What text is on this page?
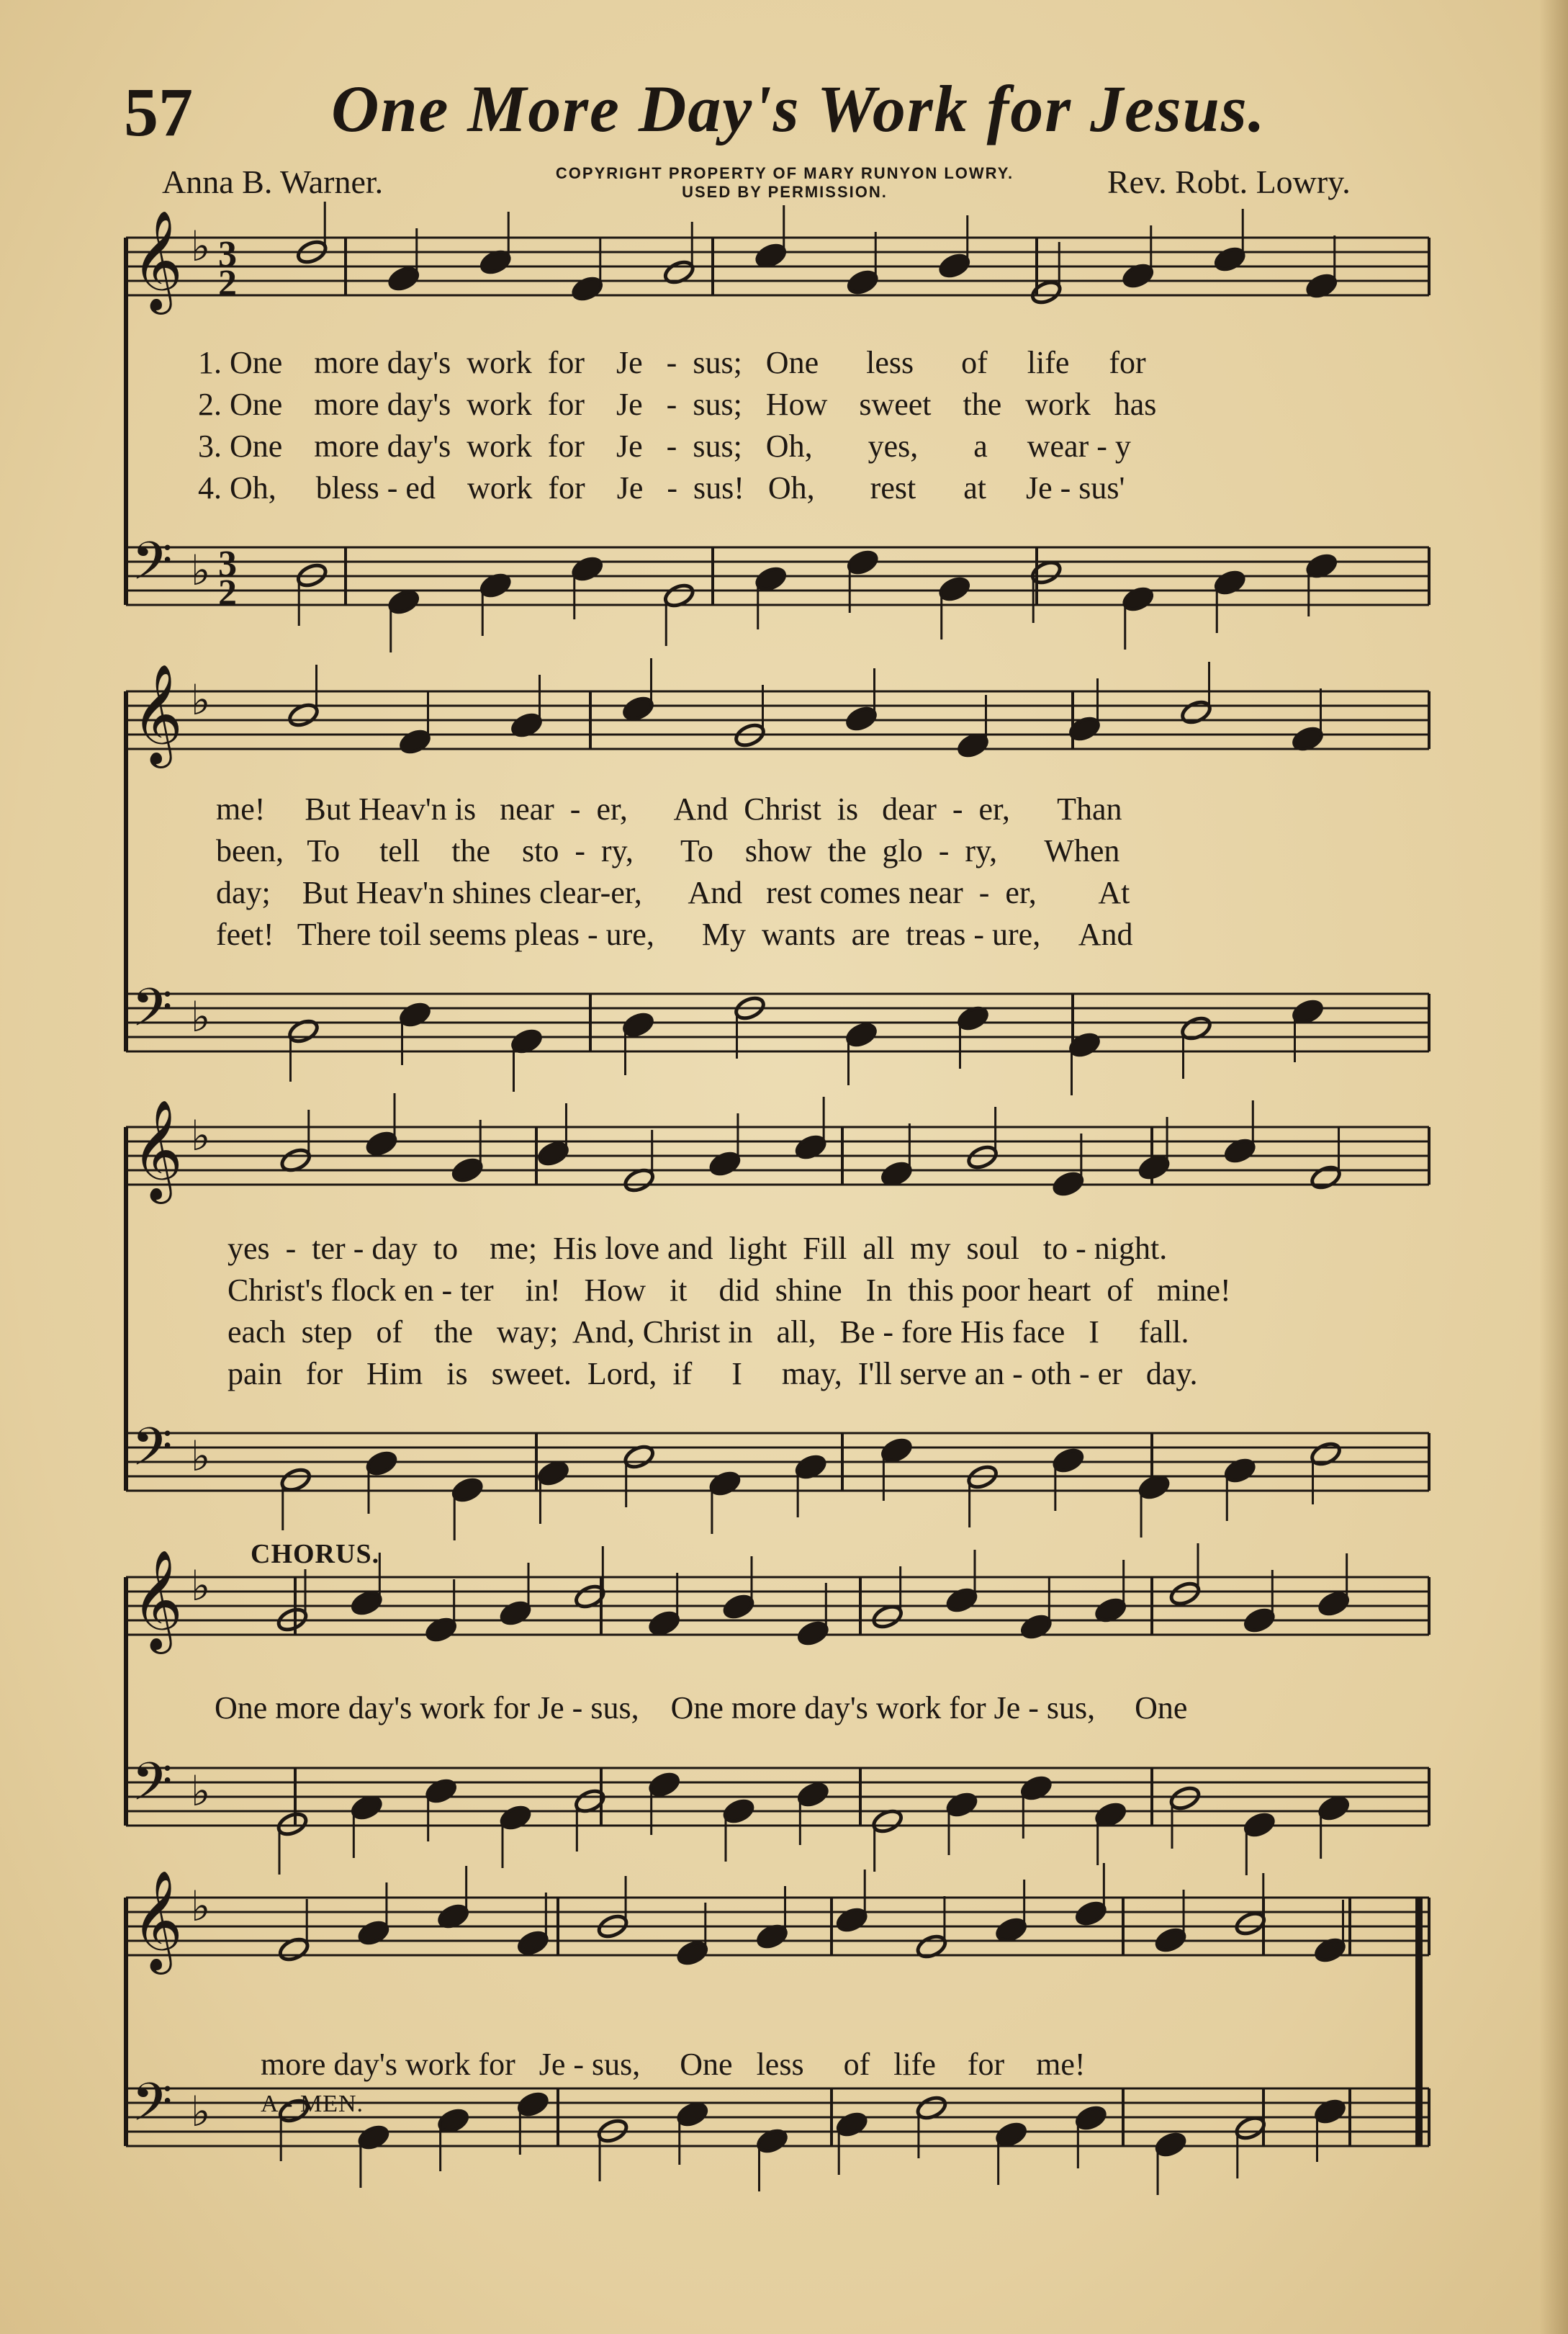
57 One More Day's Work for Jesus.
Anna B. Warner.	COPYRIGHT PROPERTY OF MARY RUNYON LOWRY.
USED BY PERMISSION.	Rev. Robt. Lowry.
𝄞 ♭ 3
2
𝄢 ♭ 3
2
𝄞 ♭
𝄢 ♭
𝄞 ♭
𝄢 ♭
𝄞 ♭
𝄢 ♭
𝄞 ♭
𝄢 ♭
1. One    more day's  work  for    Je   -  sus;   One      less      of     life     for
2. One    more day's  work  for    Je   -  sus;   How    sweet    the   work   has
3. One    more day's  work  for    Je   -  sus;   Oh,       yes,       a     wear - y
4. Oh,     bless - ed    work  for    Je   -  sus!   Oh,       rest      at     Je - sus'
me!     But Heav'n is   near  -  er,      And  Christ  is   dear  -  er,      Than
been,   To     tell    the    sto  -  ry,      To    show  the  glo  -  ry,      When
day;    But Heav'n shines clear-er,      And   rest comes near  -  er,        At
feet!   There toil seems pleas - ure,      My  wants  are  treas - ure,     And
yes  -  ter - day  to    me;  His love and  light  Fill  all  my  soul   to - night.
Christ's flock en - ter    in!   How   it    did  shine   In  this poor heart  of   mine!
each  step   of    the   way;  And, Christ in   all,   Be - fore His face   I     fall.
pain   for   Him   is   sweet.  Lord,  if     I     may,  I'll serve an - oth - er   day.
CHORUS.
One more day's work for Je - sus,    One more day's work for Je - sus,     One

more day's work for   Je - sus,     One   less     of   life    for    me!
A - MEN.
